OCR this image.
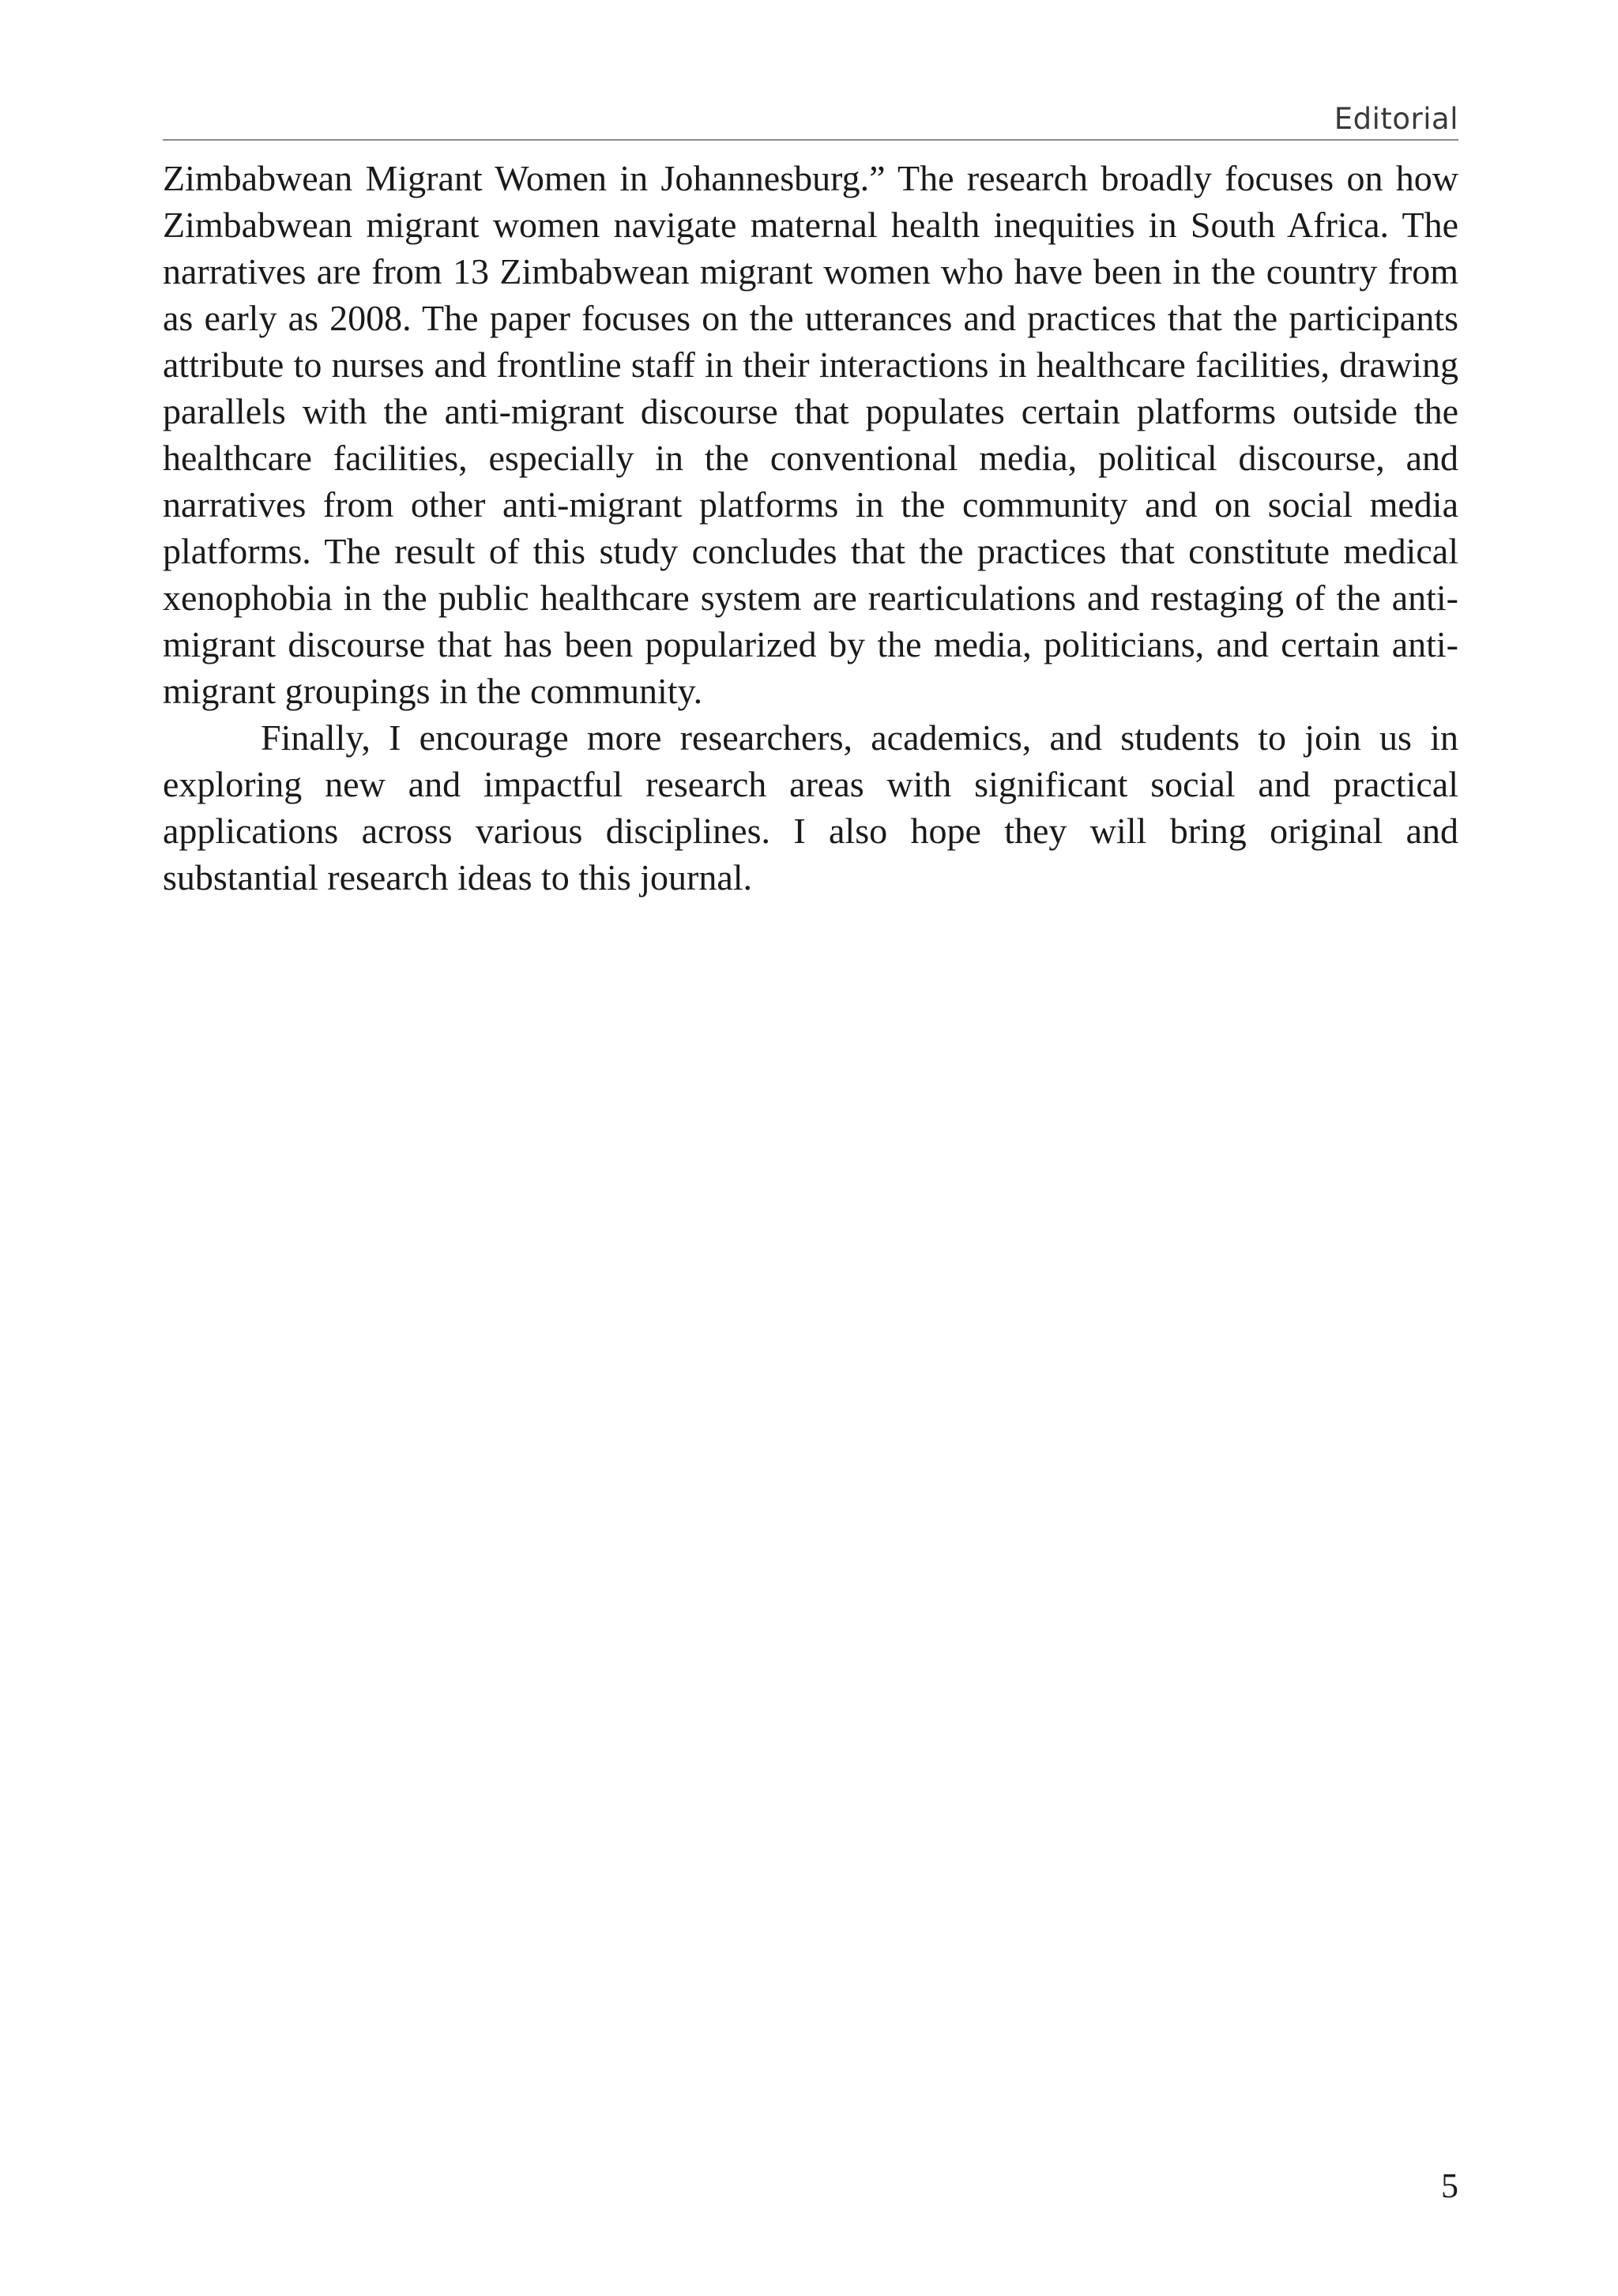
Editorial

Zimbabwean Migrant Women in Johannesburg.” The research broadly focuses on how Zimbabwean migrant women navigate maternal health inequities in South Africa. The narratives are from 13 Zimbabwean migrant women who have been in the country from as early as 2008. The paper focuses on the utterances and practices that the participants attribute to nurses and frontline staff in their interactions in healthcare facilities, drawing parallels with the anti-migrant discourse that populates certain platforms outside the healthcare facilities, especially in the conventional media, political discourse, and narratives from other anti-migrant platforms in the community and on social media platforms. The result of this study concludes that the practices that constitute medical xenophobia in the public healthcare system are rearticulations and restaging of the anti-migrant discourse that has been popularized by the media, politicians, and certain anti-migrant groupings in the community.

Finally, I encourage more researchers, academics, and students to join us in exploring new and impactful research areas with significant social and practical applications across various disciplines. I also hope they will bring original and substantial research ideas to this journal.

5
